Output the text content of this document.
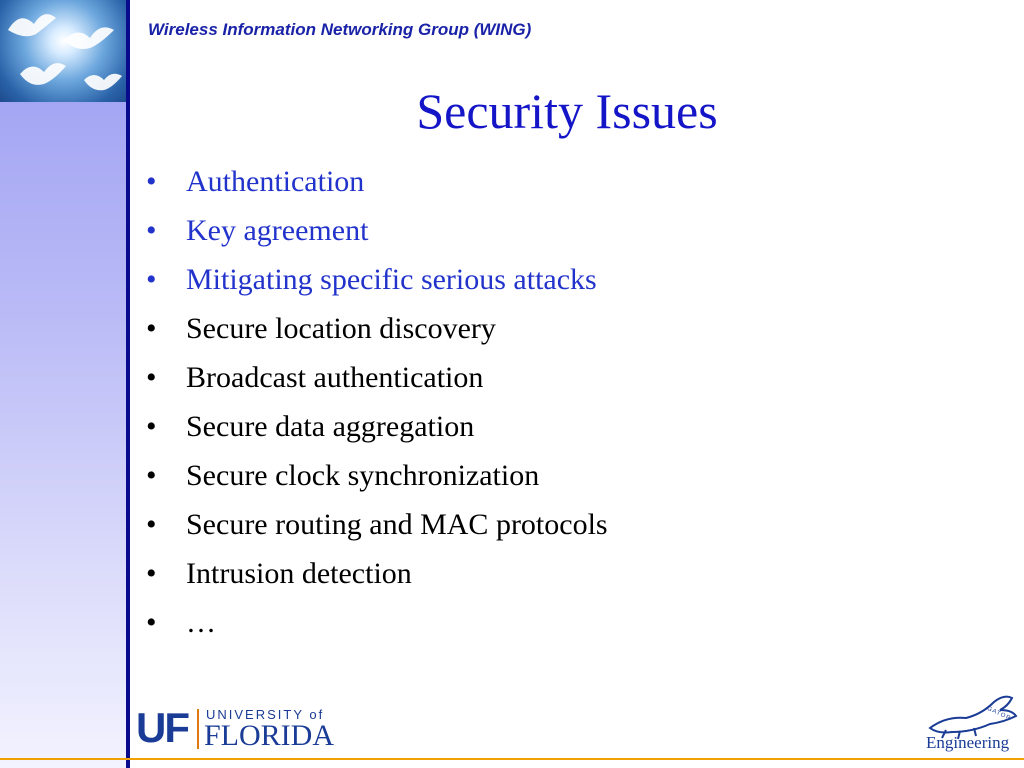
Wireless Information Networking Group (WING)
Security Issues
• Authentication
• Key agreement
• Mitigating specific serious attacks
• Secure location discovery
• Broadcast authentication
• Secure data aggregation
• Secure clock synchronization
• Secure routing and MAC protocols
• Intrusion detection
• …
UF UNIVERSITY of
FLORIDA
GATOR
Engineering
